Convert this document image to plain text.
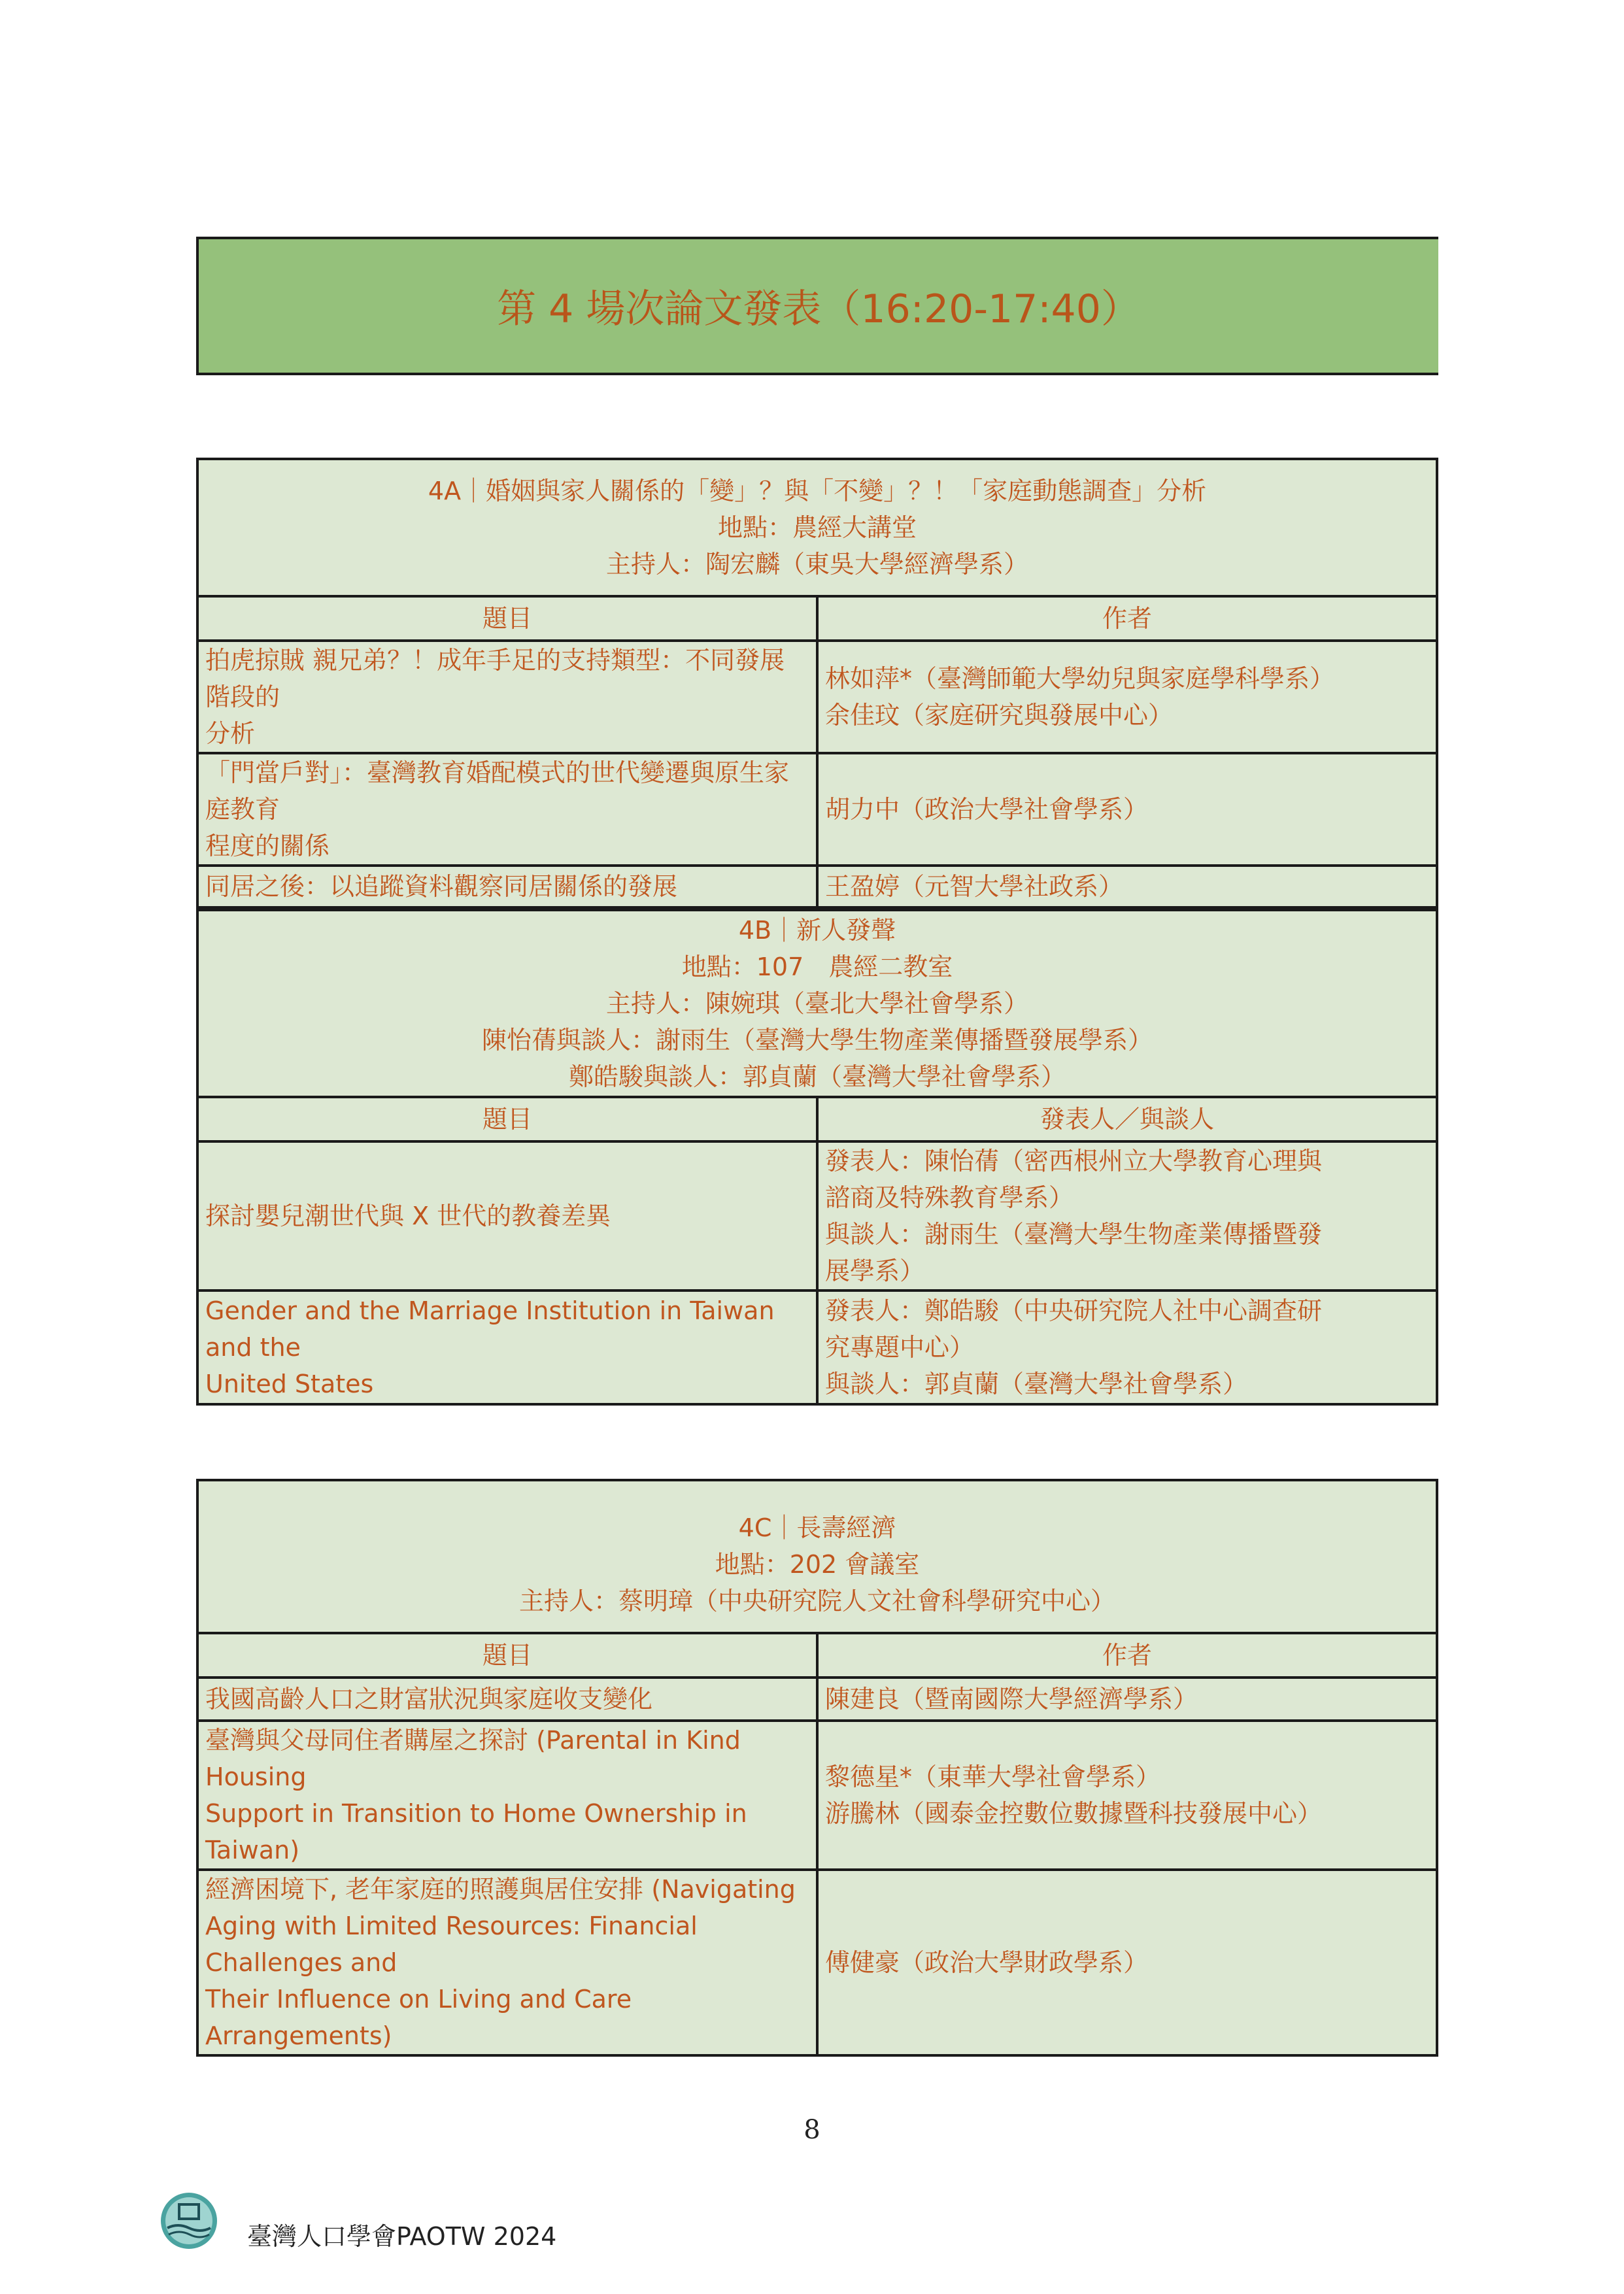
第 4 場次論文發表（16:20-17:40）
4A｜婚姻與家人關係的「變」？與「不變」？！「家庭動態調查」分析
地點：農經大講堂
主持人：陶宏麟（東吳大學經濟學系）	

題目	作者

拍虎掠賊 親兄弟？！成年手足的支持類型：不同發展階段的
分析	林如萍*（臺灣師範大學幼兒與家庭學科學系）
余佳玟（家庭研究與發展中心）

「門當戶對」：臺灣教育婚配模式的世代變遷與原生家庭教育
程度的關係	胡力中（政治大學社會學系）

同居之後：以追蹤資料觀察同居關係的發展	王盈婷（元智大學社政系）
4B｜新人發聲
地點：107　農經二教室
主持人：陳婉琪（臺北大學社會學系）
陳怡蒨與談人：謝雨生（臺灣大學生物產業傳播暨發展學系）
鄭皓駿與談人：郭貞蘭（臺灣大學社會學系）	

題目	發表人／與談人

探討嬰兒潮世代與 X 世代的教養差異	發表人：陳怡蒨（密西根州立大學教育心理與
諮商及特殊教育學系）
與談人：謝雨生（臺灣大學生物產業傳播暨發
展學系）

Gender and the Marriage Institution in Taiwan and the
United States	發表人：鄭皓駿（中央研究院人社中心調查研
究專題中心）
與談人：郭貞蘭（臺灣大學社會學系）
4C｜長壽經濟
地點：202 會議室
主持人：蔡明璋（中央研究院人文社會科學研究中心）	

題目	作者

我國高齡人口之財富狀況與家庭收支變化	陳建良（暨南國際大學經濟學系）

臺灣與父母同住者購屋之探討 (Parental in Kind Housing
Support in Transition to Home Ownership in Taiwan)	黎德星*（東華大學社會學系）
游騰林（國泰金控數位數據暨科技發展中心）

經濟困境下, 老年家庭的照護與居住安排 (Navigating
Aging with Limited Resources: Financial Challenges and
Their Influence on Living and Care Arrangements)	傅健豪（政治大學財政學系）
8
臺灣人口學會PAOTW 2024
